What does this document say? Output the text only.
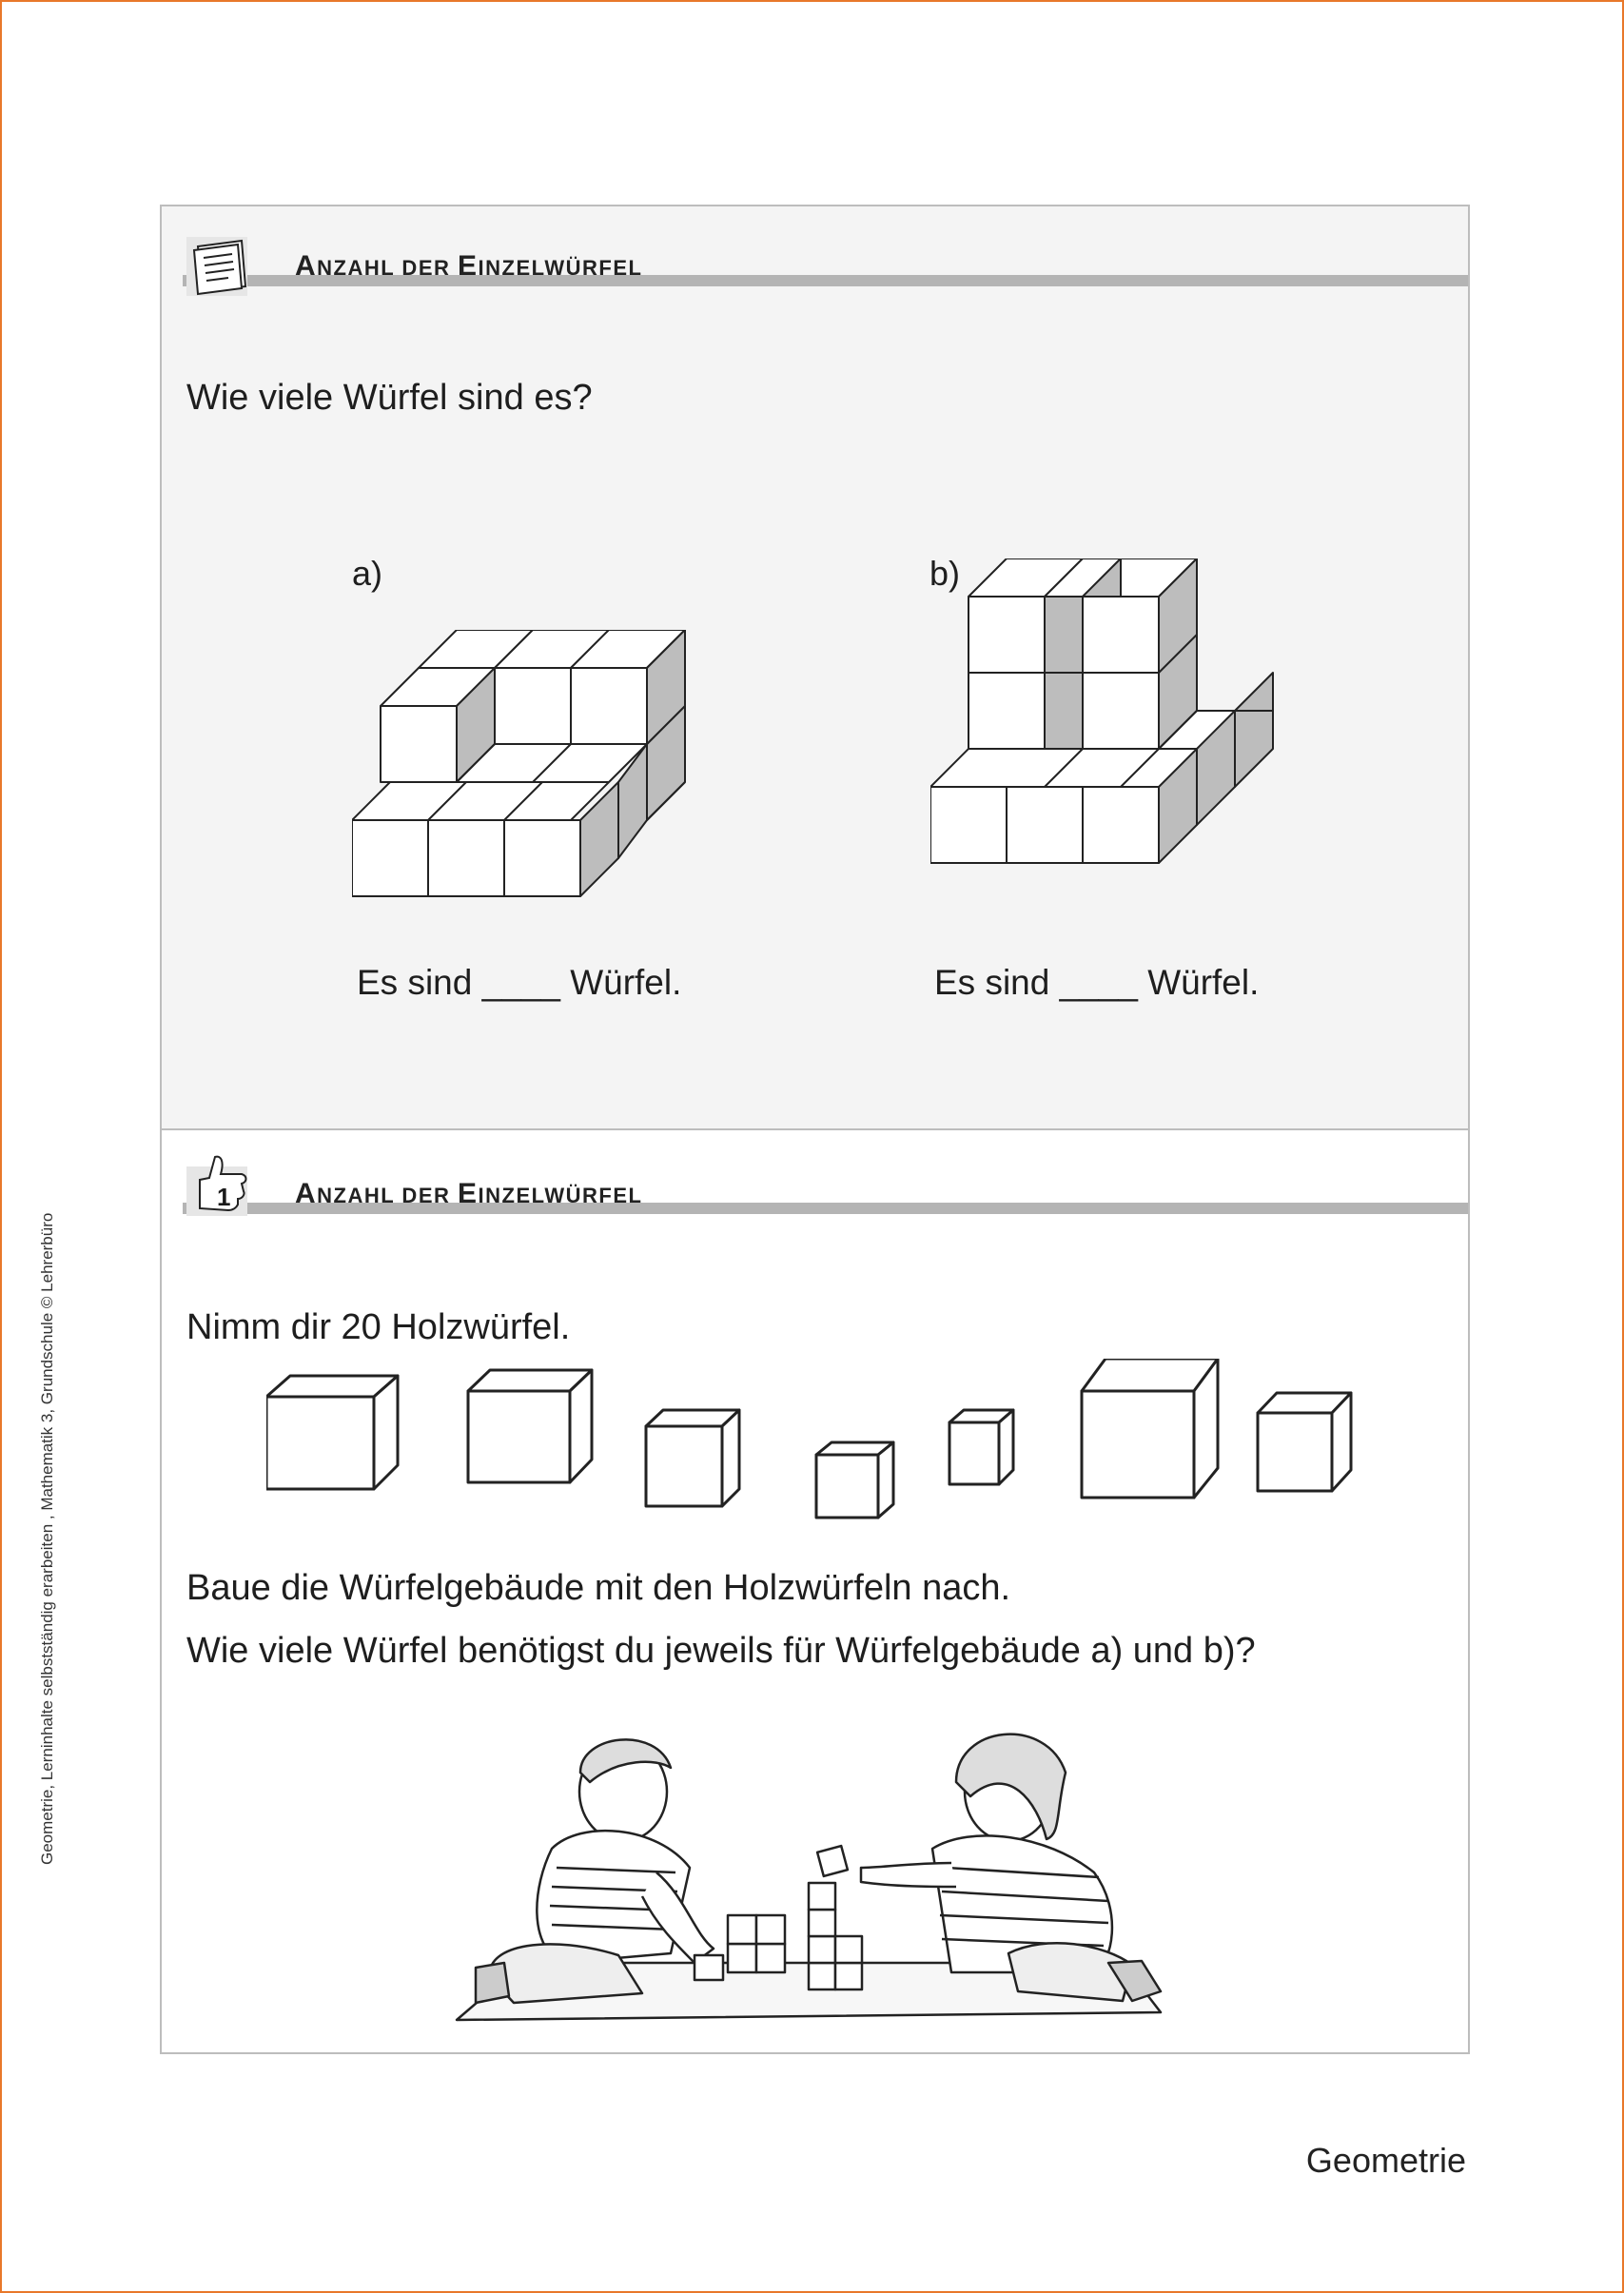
ANZAHL DER EINZELWÜRFEL
Wie viele Würfel sind es?
a)	b)
Es sind ____ Würfel.	Es sind ____ Würfel.
1 ANZAHL DER EINZELWÜRFEL
Nimm dir 20 Holzwürfel.
Baue die Würfelgebäude mit den Holzwürfeln nach.
Wie viele Würfel benötigst du jeweils für Würfelgebäude a) und b)?
Geometrie, Lerninhalte selbstständig erarbeiten , Mathematik 3, Grundschule © Lehrerbüro
Geometrie
